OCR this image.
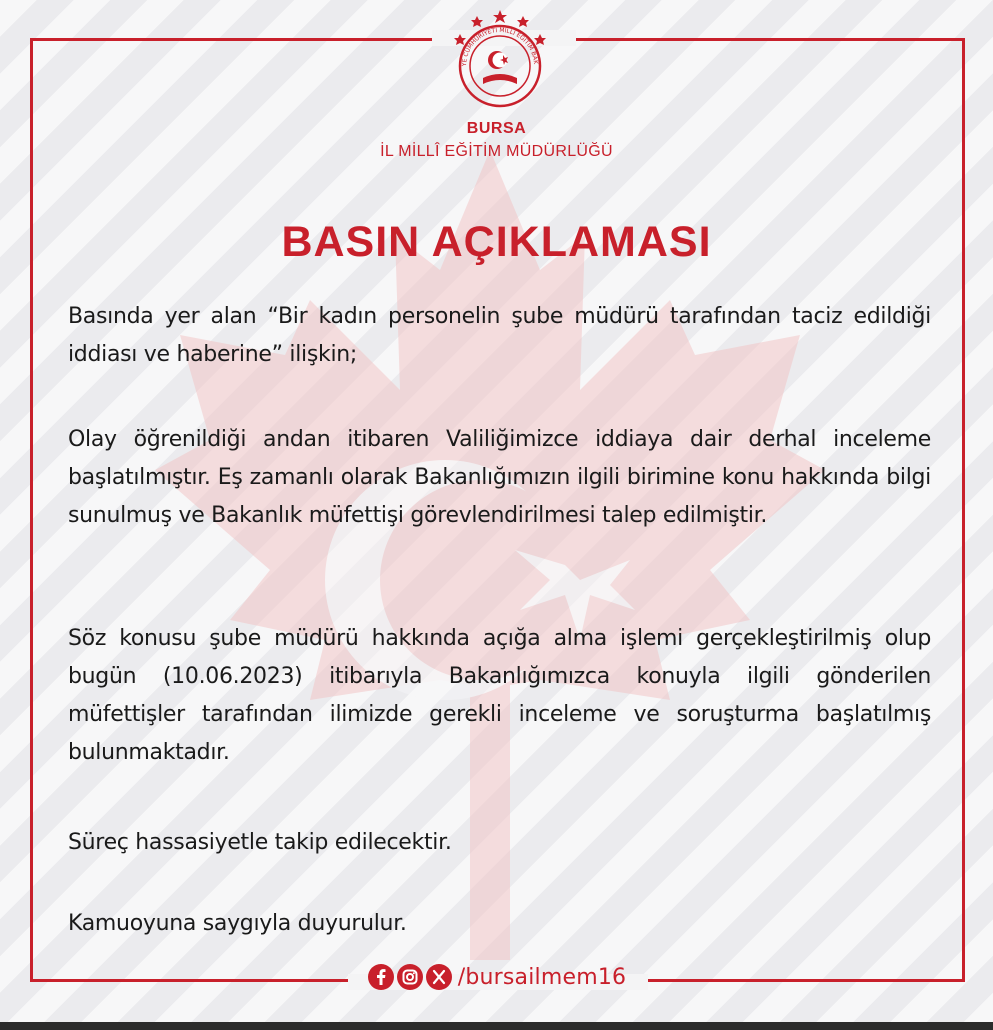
YE CUMHURİYETİ MİLLÎ EĞİTİM BAK
BURSA
İL MİLLÎ EĞİTİM MÜDÜRLÜĞÜ
BASIN AÇIKLAMASI
Basında yer alan “Bir kadın personelin şube müdürü tarafından taciz edildiği iddiası ve haberine” ilişkin;
Olay öğrenildiği andan itibaren Valiliğimizce iddiaya dair derhal inceleme başlatılmıştır. Eş zamanlı olarak Bakanlığımızın ilgili birimine konu hakkında bilgi sunulmuş ve Bakanlık müfettişi görevlendirilmesi talep edilmiştir.
Söz konusu şube müdürü hakkında açığa alma işlemi gerçekleştirilmiş olup bugün (10.06.2023) itibarıyla Bakanlığımızca konuyla ilgili gönderilen müfettişler tarafından ilimizde gerekli inceleme ve soruşturma başlatılmış bulunmaktadır.
Süreç hassasiyetle takip edilecektir.
Kamuoyuna saygıyla duyurulur.
/bursailmem16
